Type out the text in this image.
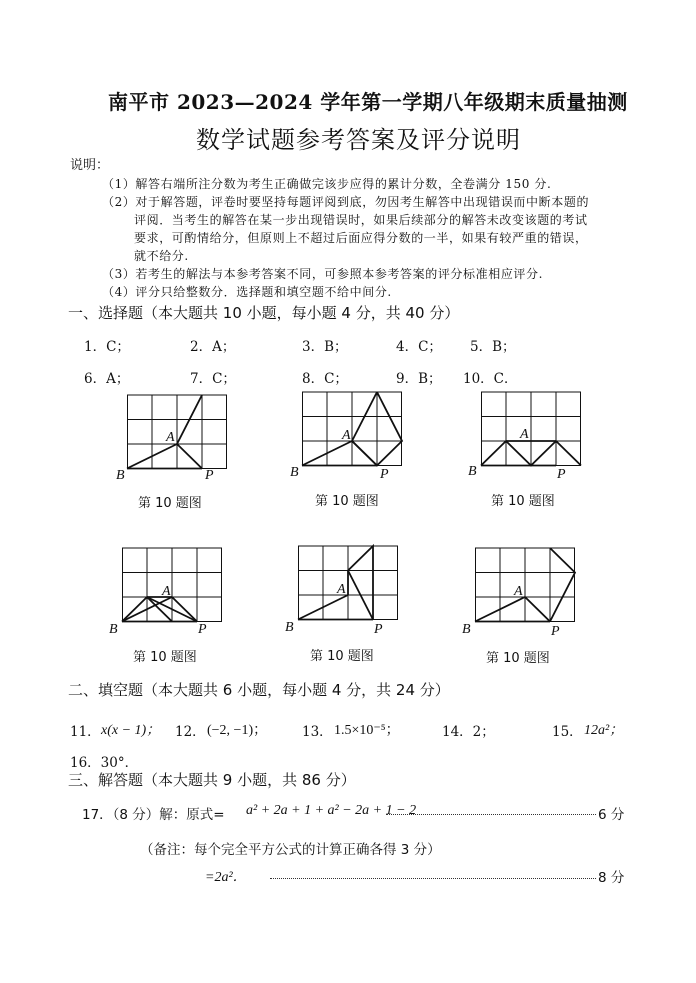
南平市 2023—2024 学年第一学期八年级期末质量抽测
数学试题参考答案及评分说明
说明：
（1）解答右端所注分数为考生正确做完该步应得的累计分数，全卷满分 150 分.
（2）对于解答题，评卷时要坚持每题评阅到底，勿因考生解答中出现错误而中断本题的
评阅．当考生的解答在某一步出现错误时，如果后续部分的解答未改变该题的考试
要求，可酌情给分，但原则上不超过后面应得分数的一半，如果有较严重的错误，
就不给分.
（3）若考生的解法与本参考答案不同，可参照本参考答案的评分标准相应评分.
（4）评分只给整数分．选择题和填空题不给中间分.
一、选择题（本大题共 10 小题，每小题 4 分，共 40 分）
1．C；	2．A；	3．B；	4．C； 5．B；
6．A；	7．C；	8．C；	9．B； 10．C．
A
B	P
第 10 题图
A
B	P
第 10 题图
A
B	P
第 10 题图
A
B	P
第 10 题图
A
B	P
第 10 题图
A
B	P
第 10 题图
二、填空题（本大题共 6 小题，每小题 4 分，共 24 分）
11． x(x − 1)； 12． (−2, −1)；	13． 1.5×10⁻⁵；	14．2；	15． 12a²；
16．30°．
三、解答题（本大题共 9 小题，共 86 分）
17．（8 分）解：原式= a² + 2a + 1 + a² − 2a + 1 − 2	6 分
（备注：每个完全平方公式的计算正确各得 3 分）
=2a²．	8 分
